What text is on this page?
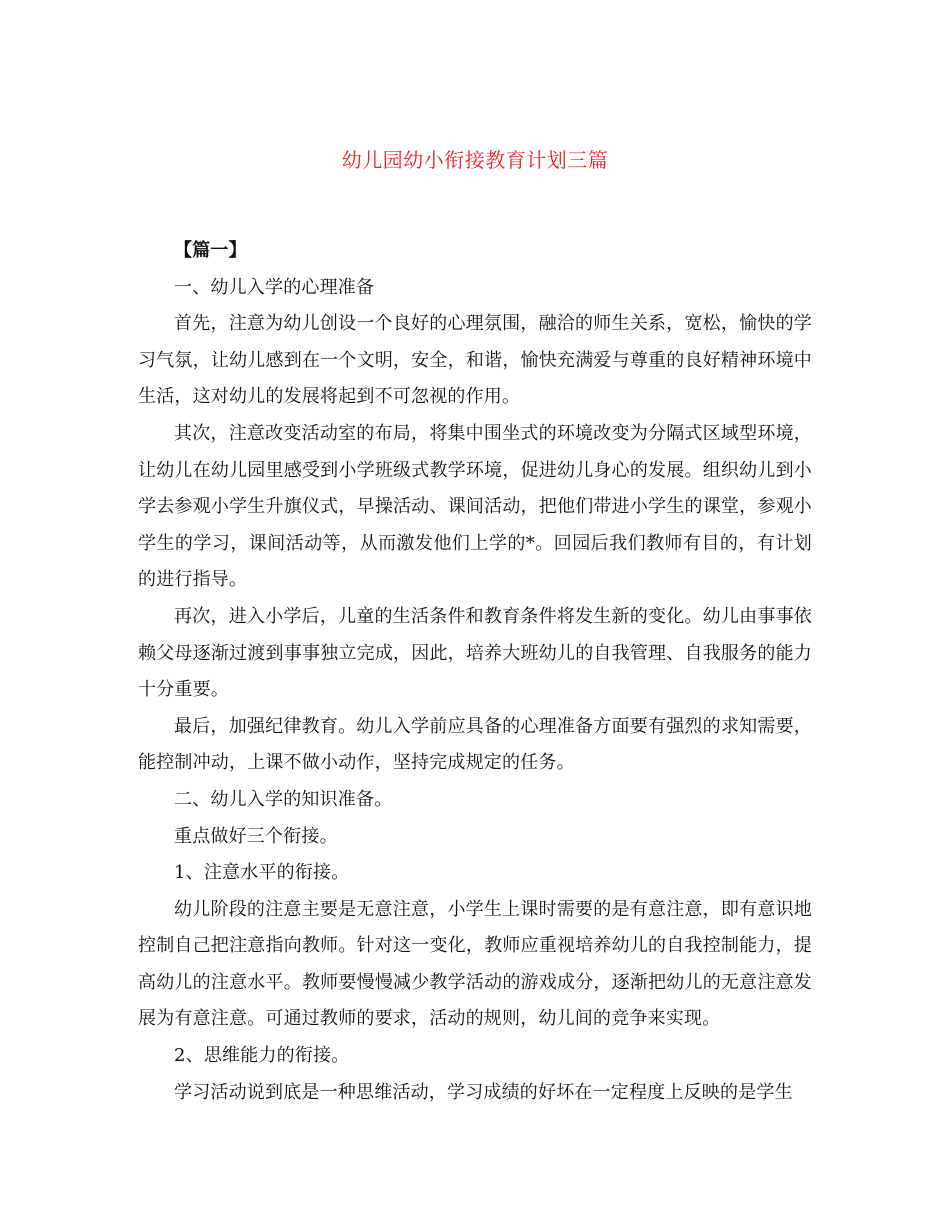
幼儿园幼小衔接教育计划三篇

【篇一】

一、幼儿入学的心理准备

首先，注意为幼儿创设一个良好的心理氛围，融洽的师生关系，宽松，愉快的学习气氛，让幼儿感到在一个文明，安全，和谐，愉快充满爱与尊重的良好精神环境中生活，这对幼儿的发展将起到不可忽视的作用。

其次，注意改变活动室的布局，将集中围坐式的环境改变为分隔式区域型环境，让幼儿在幼儿园里感受到小学班级式教学环境，促进幼儿身心的发展。组织幼儿到小学去参观小学生升旗仪式，早操活动、课间活动，把他们带进小学生的课堂，参观小学生的学习，课间活动等，从而激发他们上学的*。回园后我们教师有目的，有计划的进行指导。

再次，进入小学后，儿童的生活条件和教育条件将发生新的变化。幼儿由事事依赖父母逐渐过渡到事事独立完成，因此，培养大班幼儿的自我管理、自我服务的能力十分重要。

最后，加强纪律教育。幼儿入学前应具备的心理准备方面要有强烈的求知需要，能控制冲动，上课不做小动作，坚持完成规定的任务。

二、幼儿入学的知识准备。

重点做好三个衔接。

1、注意水平的衔接。

幼儿阶段的注意主要是无意注意，小学生上课时需要的是有意注意，即有意识地控制自己把注意指向教师。针对这一变化，教师应重视培养幼儿的自我控制能力，提高幼儿的注意水平。教师要慢慢减少教学活动的游戏成分，逐渐把幼儿的无意注意发展为有意注意。可通过教师的要求，活动的规则，幼儿间的竞争来实现。

2、思维能力的衔接。

学习活动说到底是一种思维活动，学习成绩的好坏在一定程度上反映的是学生
